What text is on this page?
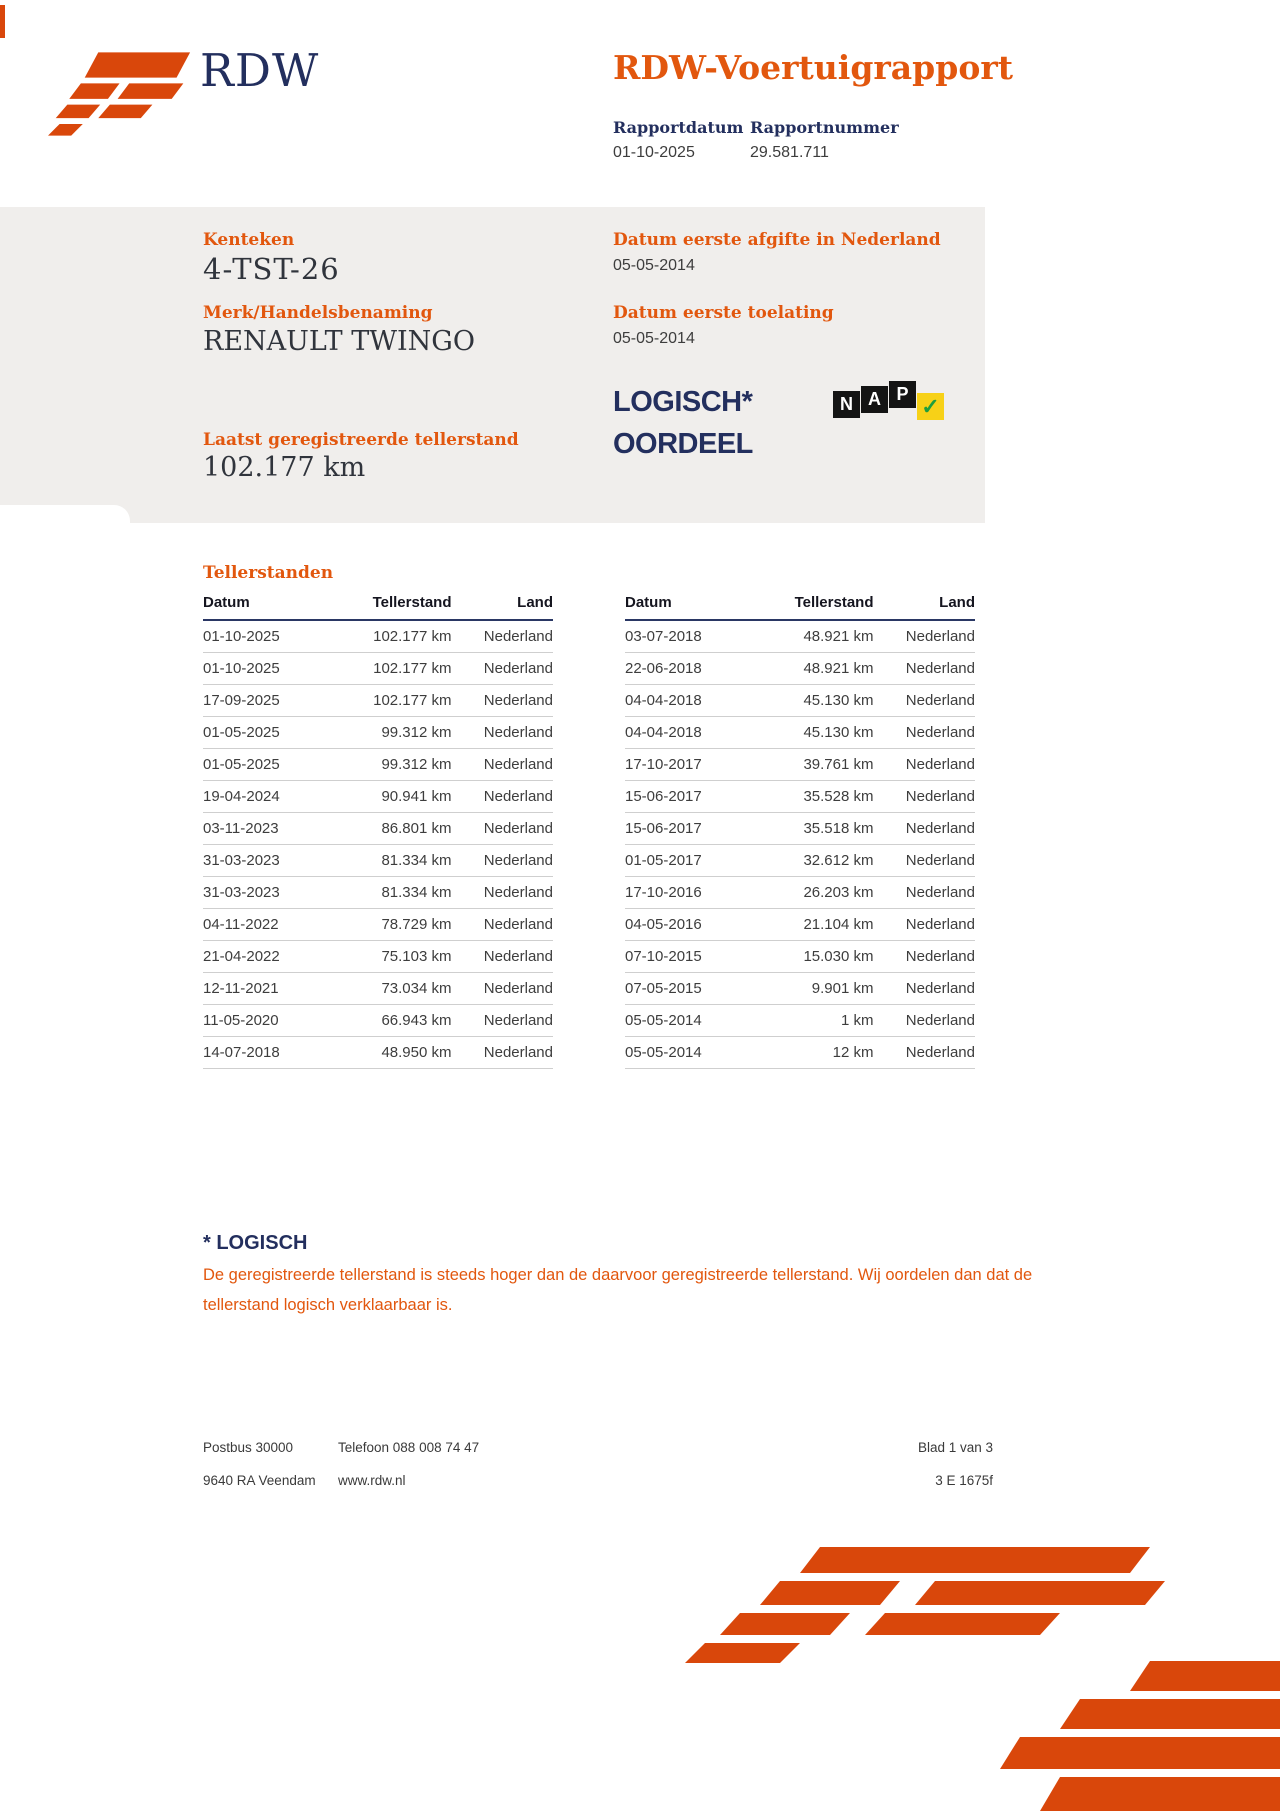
RDW	RDW-Voertuigrapport
Rapportdatum Rapportnummer
01-10-2025	29.581.711
Kenteken
4-TST-26
Merk/Handelsbenaming
RENAULT TWINGO
Datum eerste afgifte in Nederland
05-05-2014
Datum eerste toelating
05-05-2014
LOGISCH*
OORDEEL
N A P ✓
Laatst geregistreerde tellerstand
102.177 km
Tellerstanden
Datum	Tellerstand	Land
01-10-2025	102.177 km	Nederland
01-10-2025	102.177 km	Nederland
17-09-2025	102.177 km	Nederland
01-05-2025	99.312 km	Nederland
01-05-2025	99.312 km	Nederland
19-04-2024	90.941 km	Nederland
03-11-2023	86.801 km	Nederland
31-03-2023	81.334 km	Nederland
31-03-2023	81.334 km	Nederland
04-11-2022	78.729 km	Nederland
21-04-2022	75.103 km	Nederland
12-11-2021	73.034 km	Nederland
11-05-2020	66.943 km	Nederland
14-07-2018	48.950 km	Nederland
Datum	Tellerstand	Land
03-07-2018	48.921 km	Nederland
22-06-2018	48.921 km	Nederland
04-04-2018	45.130 km	Nederland
04-04-2018	45.130 km	Nederland
17-10-2017	39.761 km	Nederland
15-06-2017	35.528 km	Nederland
15-06-2017	35.518 km	Nederland
01-05-2017	32.612 km	Nederland
17-10-2016	26.203 km	Nederland
04-05-2016	21.104 km	Nederland
07-10-2015	15.030 km	Nederland
07-05-2015	9.901 km	Nederland
05-05-2014	1 km	Nederland
05-05-2014	12 km	Nederland
* LOGISCH

De geregistreerde tellerstand is steeds hoger dan de daarvoor geregistreerde tellerstand. Wij oordelen dan dat de tellerstand logisch verklaarbaar is.

Postbus 30000
9640 RA Veendam
Telefoon 088 008 74 47
www.rdw.nl
Blad 1 van 3
3 E 1675f
